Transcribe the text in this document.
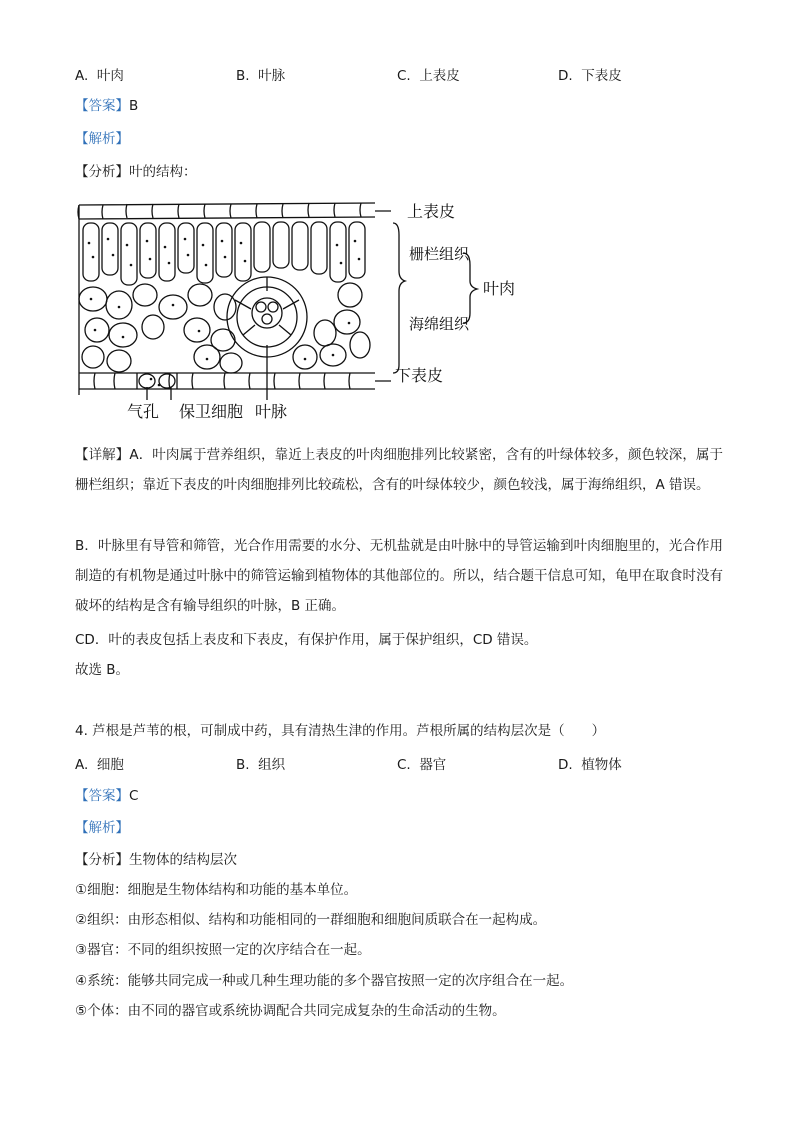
A. 叶肉	B. 叶脉	C. 上表皮	D. 下表皮
【答案】B
【解析】
【分析】叶的结构：
上表皮
栅栏组织
叶肉
海绵组织
下表皮
气孔 保卫细胞 叶脉
【详解】A．叶肉属于营养组织，靠近上表皮的叶肉细胞排列比较紧密，含有的叶绿体较多，颜色较深，属于栅栏组织；靠近下表皮的叶肉细胞排列比较疏松，含有的叶绿体较少，颜色较浅，属于海绵组织，A 错误。
B．叶脉里有导管和筛管，光合作用需要的水分、无机盐就是由叶脉中的导管运输到叶肉细胞里的，光合作用制造的有机物是通过叶脉中的筛管运输到植物体的其他部位的。所以，结合题干信息可知，龟甲在取食时没有破坏的结构是含有输导组织的叶脉，B 正确。
CD．叶的表皮包括上表皮和下表皮，有保护作用，属于保护组织，CD 错误。
故选 B。
4. 芦根是芦苇的根，可制成中药，具有清热生津的作用。芦根所属的结构层次是（　　）
A. 细胞	B. 组织	C. 器官	D. 植物体
【答案】C
【解析】
【分析】生物体的结构层次
①细胞：细胞是生物体结构和功能的基本单位。
②组织：由形态相似、结构和功能相同的一群细胞和细胞间质联合在一起构成。
③器官：不同的组织按照一定的次序结合在一起。
④系统：能够共同完成一种或几种生理功能的多个器官按照一定的次序组合在一起。
⑤个体：由不同的器官或系统协调配合共同完成复杂的生命活动的生物。
